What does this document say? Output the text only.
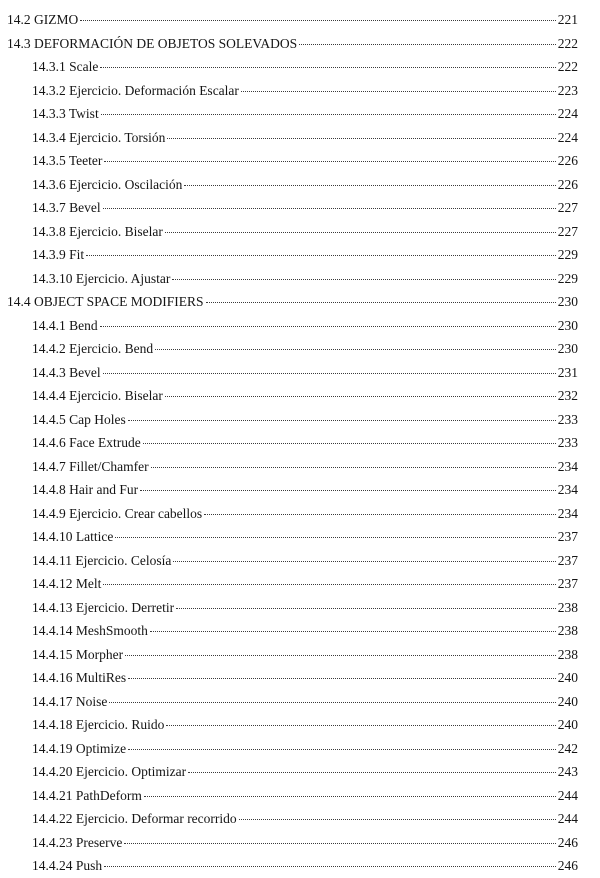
14.2 GIZMO	221
14.3 DEFORMACIÓN DE OBJETOS SOLEVADOS	222
14.3.1 Scale	222
14.3.2 Ejercicio. Deformación Escalar	223
14.3.3 Twist	224
14.3.4 Ejercicio. Torsión	224
14.3.5 Teeter	226
14.3.6 Ejercicio. Oscilación	226
14.3.7 Bevel	227
14.3.8 Ejercicio. Biselar	227
14.3.9 Fit	229
14.3.10 Ejercicio. Ajustar	229
14.4 OBJECT SPACE MODIFIERS	230
14.4.1 Bend	230
14.4.2 Ejercicio. Bend	230
14.4.3 Bevel	231
14.4.4 Ejercicio. Biselar	232
14.4.5 Cap Holes	233
14.4.6 Face Extrude	233
14.4.7 Fillet/Chamfer	234
14.4.8 Hair and Fur	234
14.4.9 Ejercicio. Crear cabellos	234
14.4.10 Lattice	237
14.4.11 Ejercicio. Celosía	237
14.4.12 Melt	237
14.4.13 Ejercicio. Derretir	238
14.4.14 MeshSmooth	238
14.4.15 Morpher	238
14.4.16 MultiRes	240
14.4.17 Noise	240
14.4.18 Ejercicio. Ruido	240
14.4.19 Optimize	242
14.4.20 Ejercicio. Optimizar	243
14.4.21 PathDeform	244
14.4.22 Ejercicio. Deformar recorrido	244
14.4.23 Preserve	246
14.4.24 Push	246
